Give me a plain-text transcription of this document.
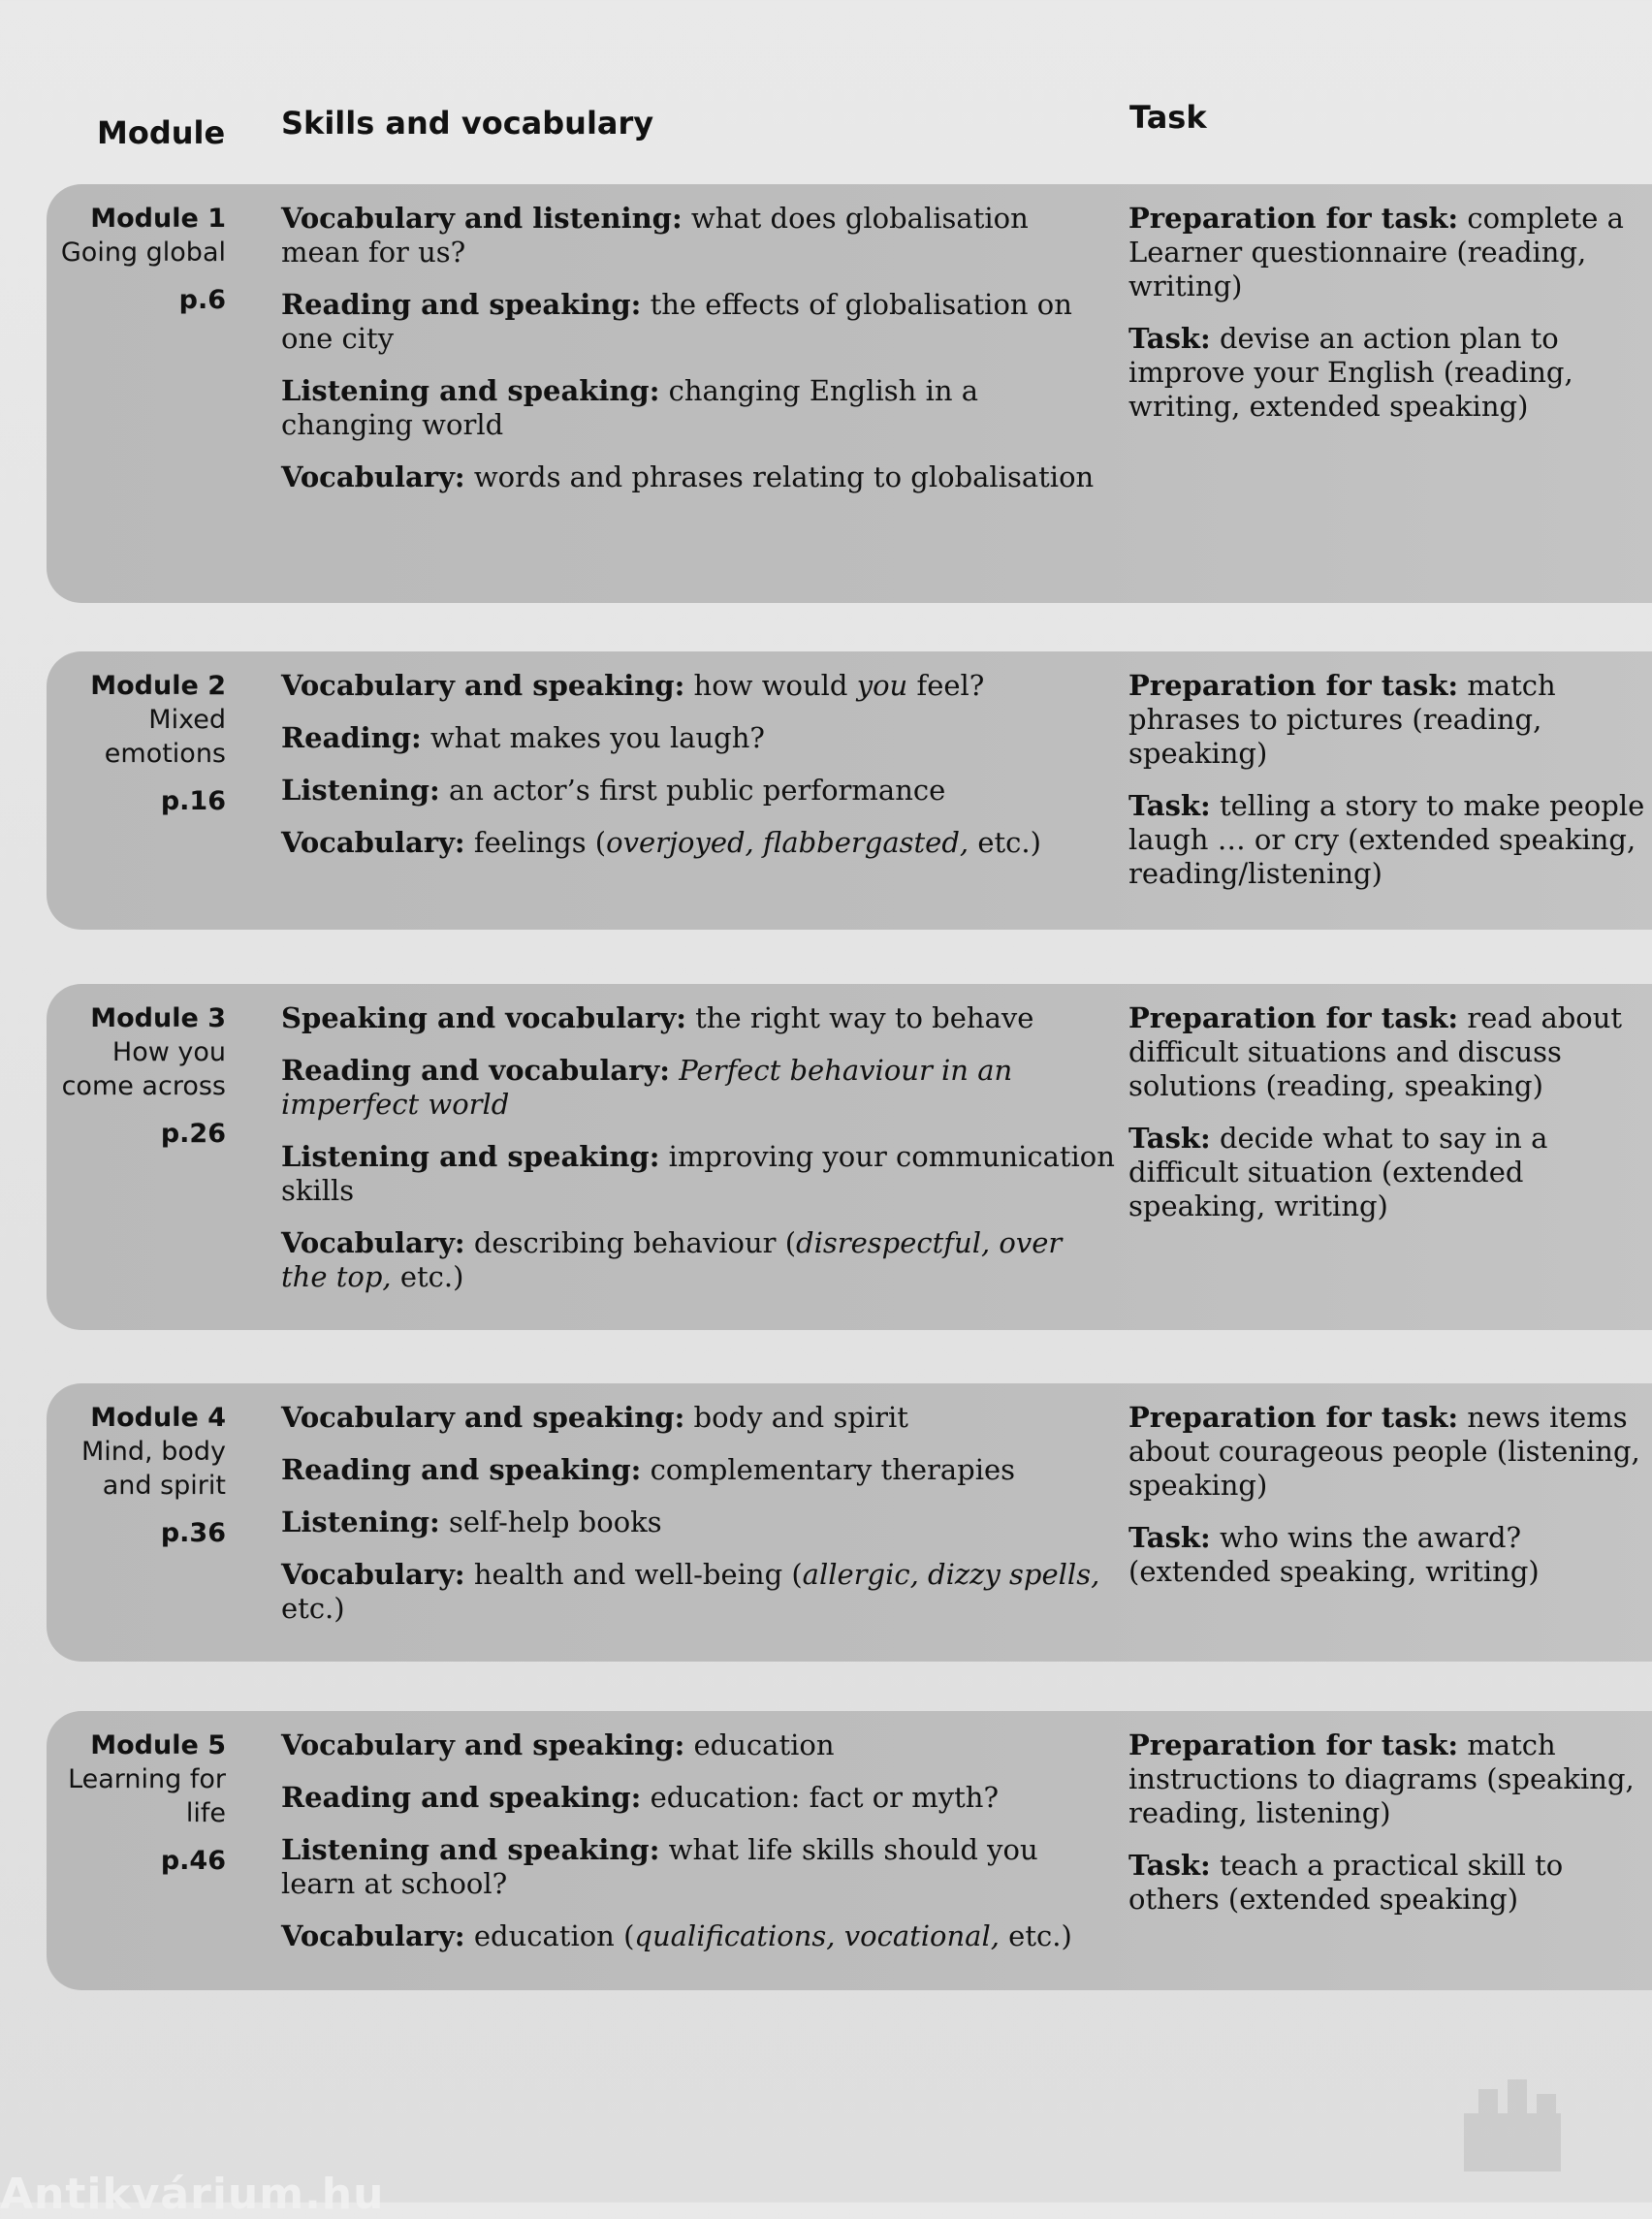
Module Skills and vocabulary	Task
Module 1
Going global
p.6
Vocabulary and listening: what does globalisation mean for us?
Reading and speaking: the effects of globalisation on one city
Listening and speaking: changing English in a changing world
Vocabulary: words and phrases relating to globalisation
Preparation for task: complete a Learner questionnaire (reading, writing)
Task: devise an action plan to improve your English (reading, writing, extended speaking)
Module 2
Mixed
emotions
p.16
Vocabulary and speaking: how would you feel?
Reading: what makes you laugh?
Listening: an actor’s first public performance
Vocabulary: feelings (overjoyed, flabbergasted, etc.)
Preparation for task: match phrases to pictures (reading, speaking)
Task: telling a story to make people laugh … or cry (extended speaking, reading/listening)
Module 3
How you
come across
p.26
Speaking and vocabulary: the right way to behave
Reading and vocabulary: Perfect behaviour in an imperfect world
Listening and speaking: improving your communication skills
Vocabulary: describing behaviour (disrespectful, over the top, etc.)
Preparation for task: read about difficult situations and discuss solutions (reading, speaking)
Task: decide what to say in a difficult situation (extended speaking, writing)
Module 4
Mind, body
and spirit
p.36
Vocabulary and speaking: body and spirit
Reading and speaking: complementary therapies
Listening: self-help books
Vocabulary: health and well-being (allergic, dizzy spells, etc.)
Preparation for task: news items about courageous people (listening, speaking)
Task: who wins the award? (extended speaking, writing)
Module 5
Learning for
life
p.46
Vocabulary and speaking: education
Reading and speaking: education: fact or myth?
Listening and speaking: what life skills should you learn at school?
Vocabulary: education (qualifications, vocational, etc.)
Preparation for task: match instructions to diagrams (speaking, reading, listening)
Task: teach a practical skill to others (extended speaking)
Antikvárium.hu
